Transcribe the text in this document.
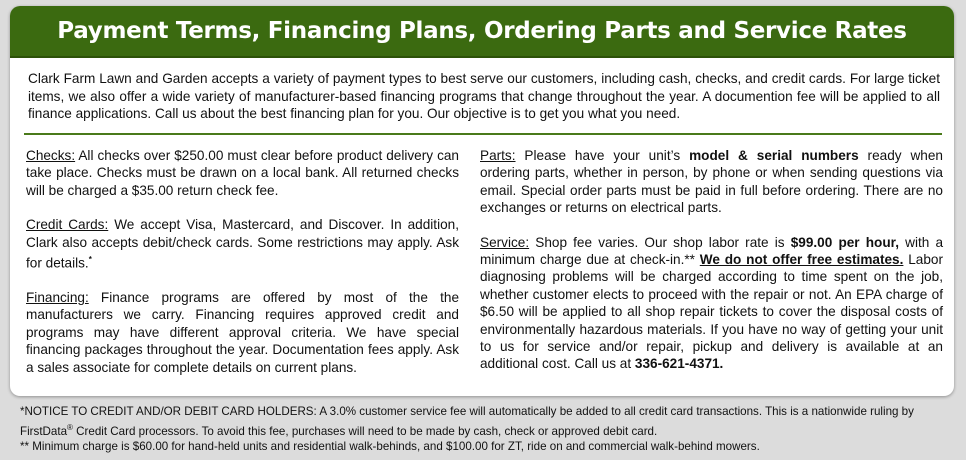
Payment Terms, Financing Plans, Ordering Parts and Service Rates
Clark Farm Lawn and Garden accepts a variety of payment types to best serve our customers, including cash, checks, and credit cards. For large ticket items, we also offer a wide variety of manufacturer-based financing programs that change throughout the year. A documention fee will be applied to all finance applications. Call us about the best financing plan for you. Our objective is to get you what you need.

Checks: All checks over $250.00 must clear before product delivery can take place. Checks must be drawn on a local bank. All returned checks will be charged a $35.00 return check fee.

Credit Cards: We accept Visa, Mastercard, and Discover. In addition, Clark also accepts debit/check cards. Some restrictions may apply. Ask for details.*

Financing: Finance programs are offered by most of the the manufacturers we carry. Financing requires approved credit and programs may have different approval criteria. We have special financing packages throughout the year. Documentation fees apply. Ask a sales associate for complete details on current plans.

Parts: Please have your unit’s model & serial numbers ready when ordering parts, whether in person, by phone or when sending questions via email. Special order parts must be paid in full before ordering. There are no exchanges or returns on electrical parts.

Service: Shop fee varies. Our shop labor rate is $99.00 per hour, with a minimum charge due at check-in.** We do not offer free estimates. Labor diagnosing problems will be charged according to time spent on the job, whether customer elects to proceed with the repair or not. An EPA charge of $6.50 will be applied to all shop repair tickets to cover the disposal costs of environmentally hazardous materials. If you have no way of getting your unit to us for service and/or repair, pickup and delivery is available at an additional cost. Call us at 336-621-4371.

*NOTICE TO CREDIT AND/OR DEBIT CARD HOLDERS: A 3.0% customer service fee will automatically be added to all credit card transactions. This is a nationwide ruling by FirstData® Credit Card processors. To avoid this fee, purchases will need to be made by cash, check or approved debit card.
** Minimum charge is $60.00 for hand-held units and residential walk-behinds, and $100.00 for ZT, ride on and commercial walk-behind mowers.
